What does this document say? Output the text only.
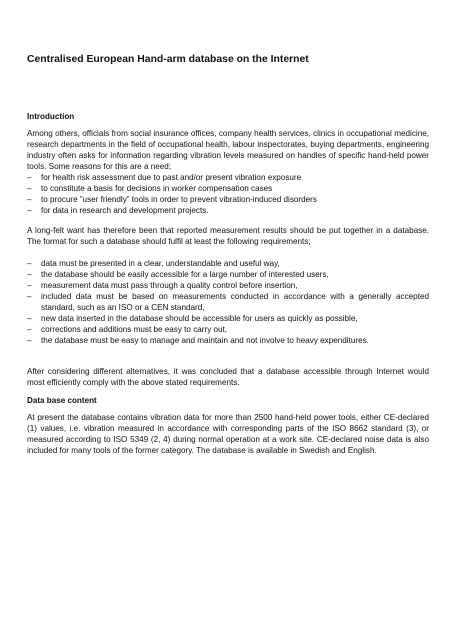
Centralised European Hand-arm database on the Internet
Introduction

Among others, officials from social insurance offices, company health services, clinics in occupational medicine, research departments in the field of occupational health, labour inspectorates, buying departments, engineering industry often asks for information regarding vibration levels measured on handles of specific hand-held power tools. Some reasons for this are a need;

– for health risk assessment due to past and/or present vibration exposure
– to constitute a basis for decisions in worker compensation cases
– to procure ”user friendly” tools in order to prevent vibration-induced disorders
– for data in research and development projects.

A long-felt want has therefore been that reported measurement results should be put together in a database. The format for such a database should fulfil at least the following requirements;

– data must be presented in a clear, understandable and useful way,
– the database should be easily accessible for a large number of interested users,
– measurement data must pass through a quality control before insertion,
– included data must be based on measurements conducted in accordance with a generally accepted standard, such as an ISO or a CEN standard,
– new data inserted in the database should be accessible for users as quickly as possible,
– corrections and additions must be easy to carry out,
– the database must be easy to manage and maintain and not involve to heavy expenditures.

After considering different alternatives, it was concluded that a database accessible through Internet would most efficiently comply with the above stated requirements.

Data base content

At present the database contains vibration data for more than 2500 hand-held power tools, either CE-declared (1) values, i.e. vibration measured in accordance with corresponding parts of the ISO 8662 standard (3), or measured according to ISO 5349 (2, 4) during normal operation at a work site. CE-declared noise data is also included for many tools of the former category. The database is available in Swedish and English.
